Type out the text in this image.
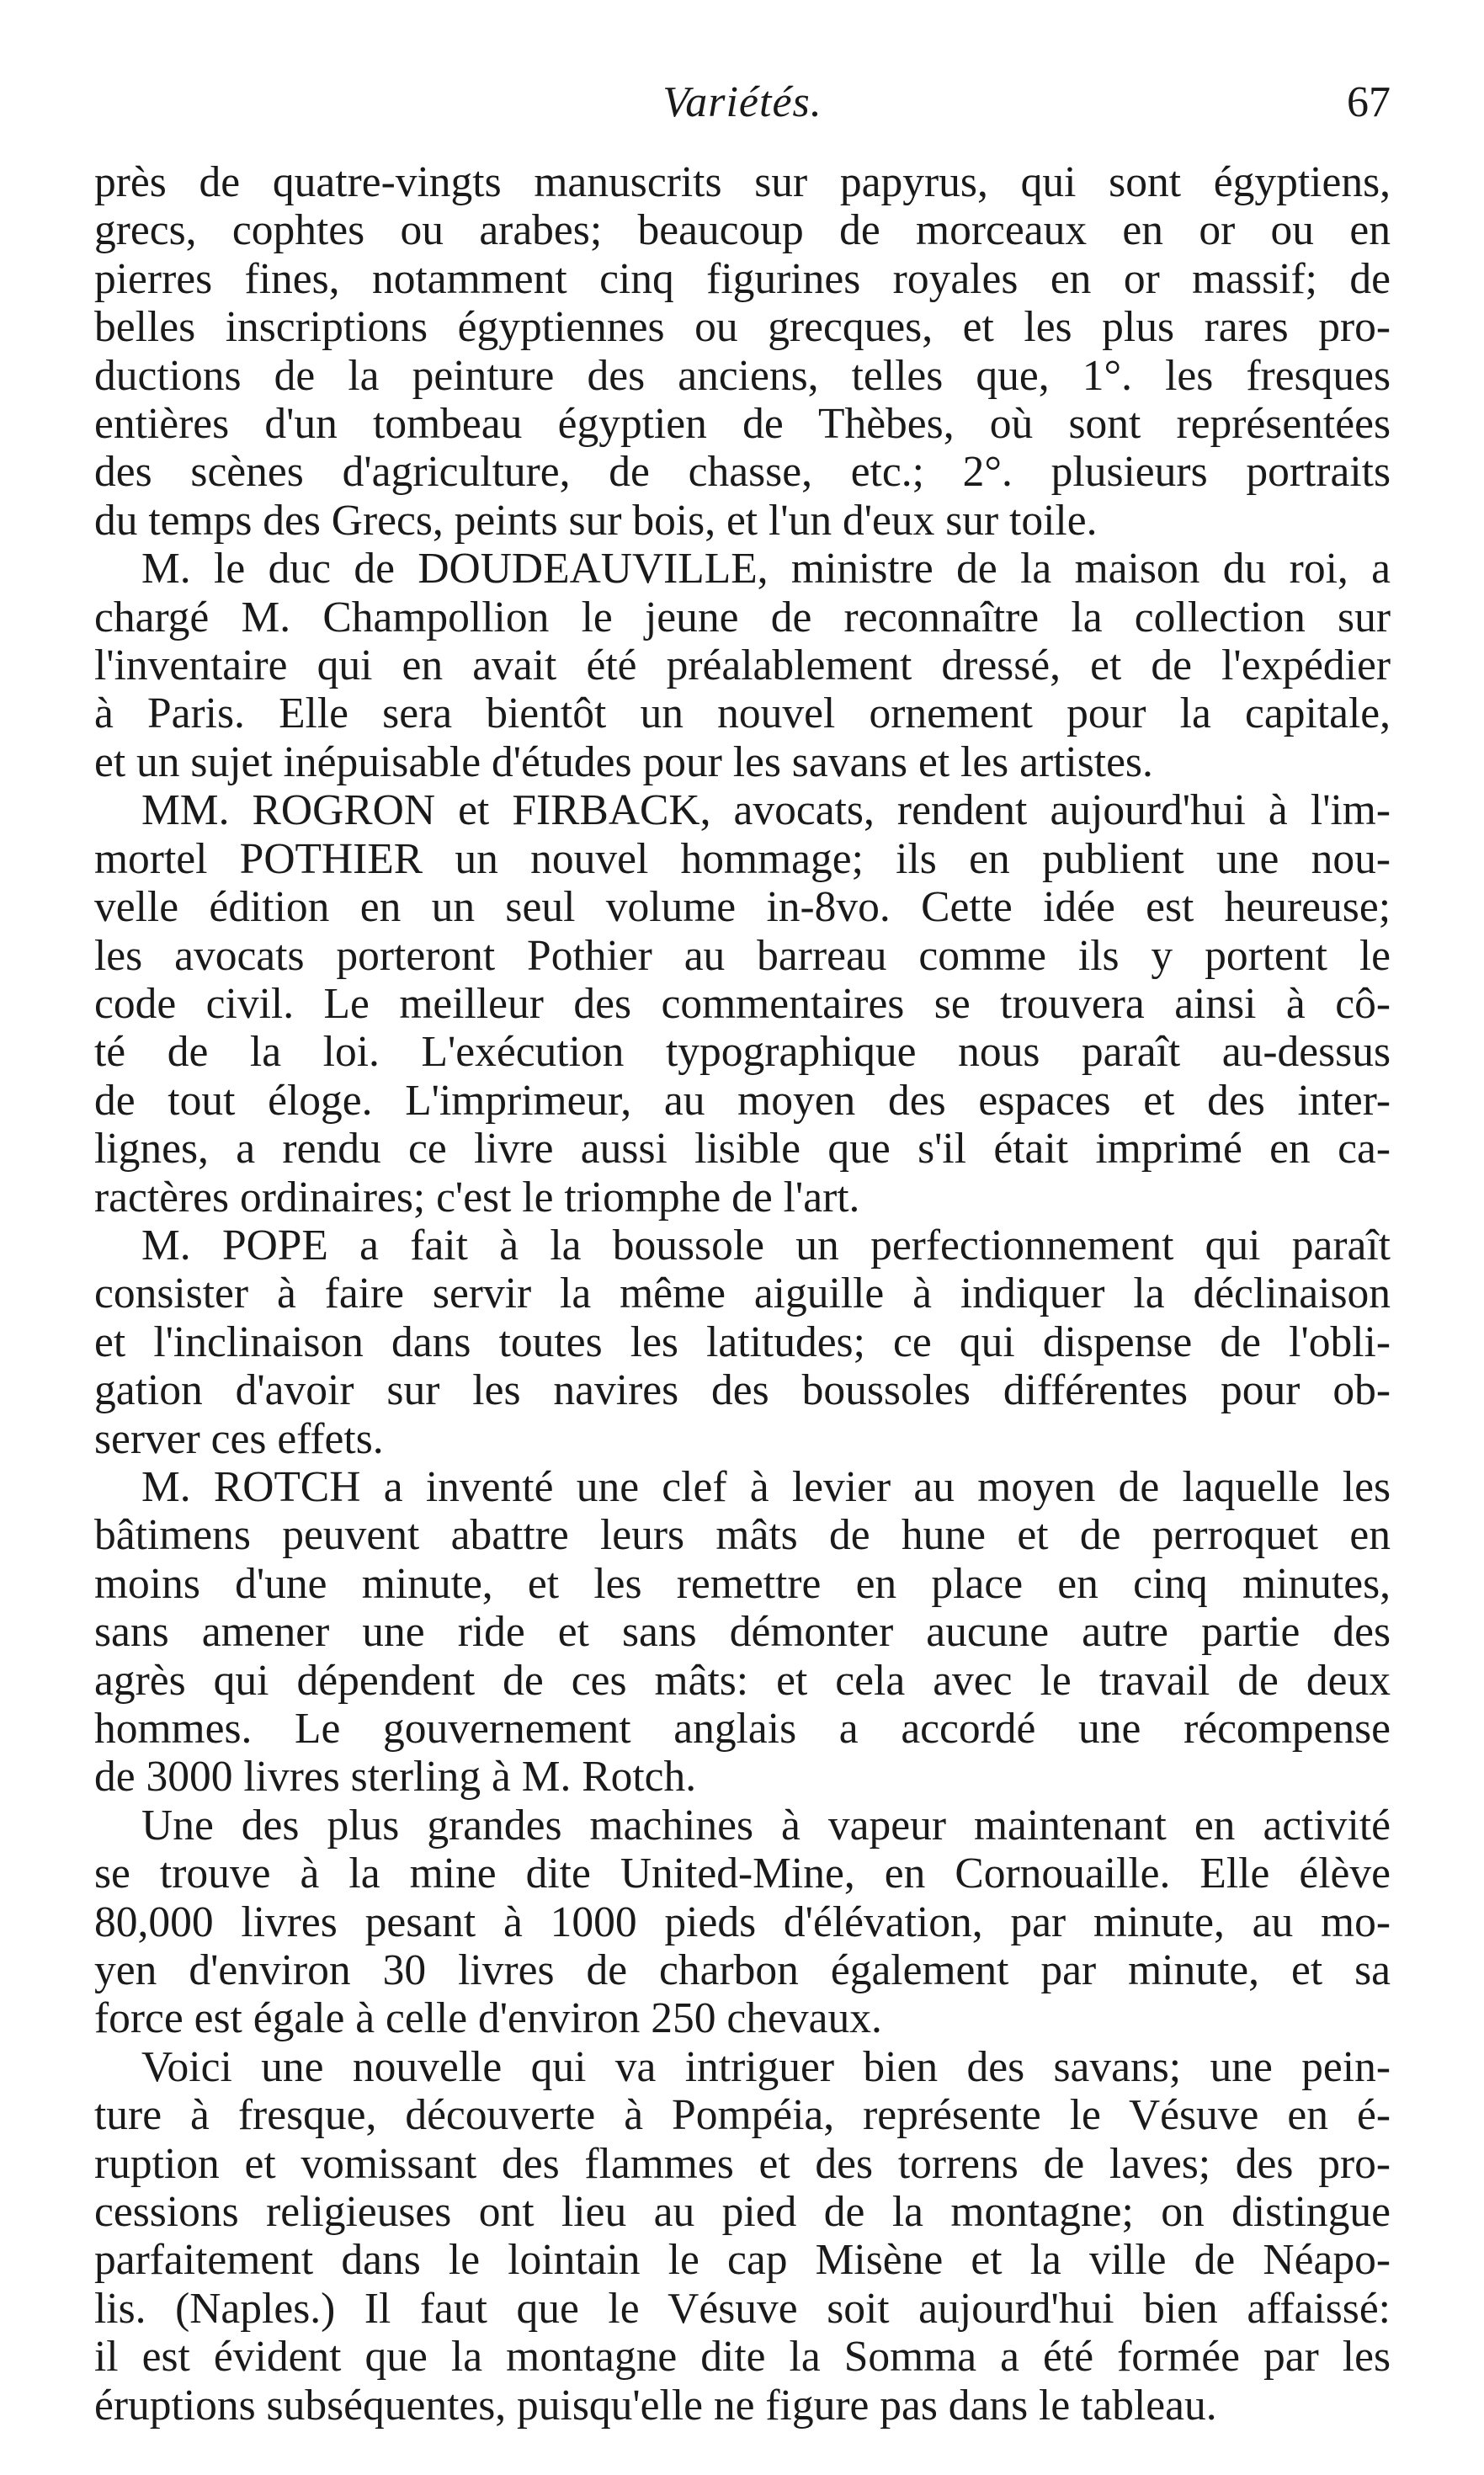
Variétés.	67

près de quatre-vingts manuscrits sur papyrus, qui sont égyptiens,
grecs, cophtes ou arabes; beaucoup de morceaux en or ou en
pierres fines, notamment cinq figurines royales en or massif; de
belles inscriptions égyptiennes ou grecques, et les plus rares pro-
ductions de la peinture des anciens, telles que, 1°. les fresques
entières d'un tombeau égyptien de Thèbes, où sont représentées
des scènes d'agriculture, de chasse, etc.; 2°. plusieurs portraits
du temps des Grecs, peints sur bois, et l'un d'eux sur toile.

M. le duc de DOUDEAUVILLE, ministre de la maison du roi, a
chargé M. Champollion le jeune de reconnaître la collection sur
l'inventaire qui en avait été préalablement dressé, et de l'expédier
à Paris. Elle sera bientôt un nouvel ornement pour la capitale,
et un sujet inépuisable d'études pour les savans et les artistes.

MM. ROGRON et FIRBACK, avocats, rendent aujourd'hui à l'im-
mortel POTHIER un nouvel hommage; ils en publient une nou-
velle édition en un seul volume in-8vo. Cette idée est heureuse;
les avocats porteront Pothier au barreau comme ils y portent le
code civil. Le meilleur des commentaires se trouvera ainsi à cô-
té de la loi. L'exécution typographique nous paraît au-dessus
de tout éloge. L'imprimeur, au moyen des espaces et des inter-
lignes, a rendu ce livre aussi lisible que s'il était imprimé en ca-
ractères ordinaires; c'est le triomphe de l'art.

M. POPE a fait à la boussole un perfectionnement qui paraît
consister à faire servir la même aiguille à indiquer la déclinaison
et l'inclinaison dans toutes les latitudes; ce qui dispense de l'obli-
gation d'avoir sur les navires des boussoles différentes pour ob-
server ces effets.

M. ROTCH a inventé une clef à levier au moyen de laquelle les
bâtimens peuvent abattre leurs mâts de hune et de perroquet en
moins d'une minute, et les remettre en place en cinq minutes,
sans amener une ride et sans démonter aucune autre partie des
agrès qui dépendent de ces mâts: et cela avec le travail de deux
hommes. Le gouvernement anglais a accordé une récompense
de 3000 livres sterling à M. Rotch.

Une des plus grandes machines à vapeur maintenant en activité
se trouve à la mine dite United-Mine, en Cornouaille. Elle élève
80,000 livres pesant à 1000 pieds d'élévation, par minute, au mo-
yen d'environ 30 livres de charbon également par minute, et sa
force est égale à celle d'environ 250 chevaux.

Voici une nouvelle qui va intriguer bien des savans; une pein-
ture à fresque, découverte à Pompéia, représente le Vésuve en é-
ruption et vomissant des flammes et des torrens de laves; des pro-
cessions religieuses ont lieu au pied de la montagne; on distingue
parfaitement dans le lointain le cap Misène et la ville de Néapo-
lis. (Naples.) Il faut que le Vésuve soit aujourd'hui bien affaissé:
il est évident que la montagne dite la Somma a été formée par les
éruptions subséquentes, puisqu'elle ne figure pas dans le tableau.
